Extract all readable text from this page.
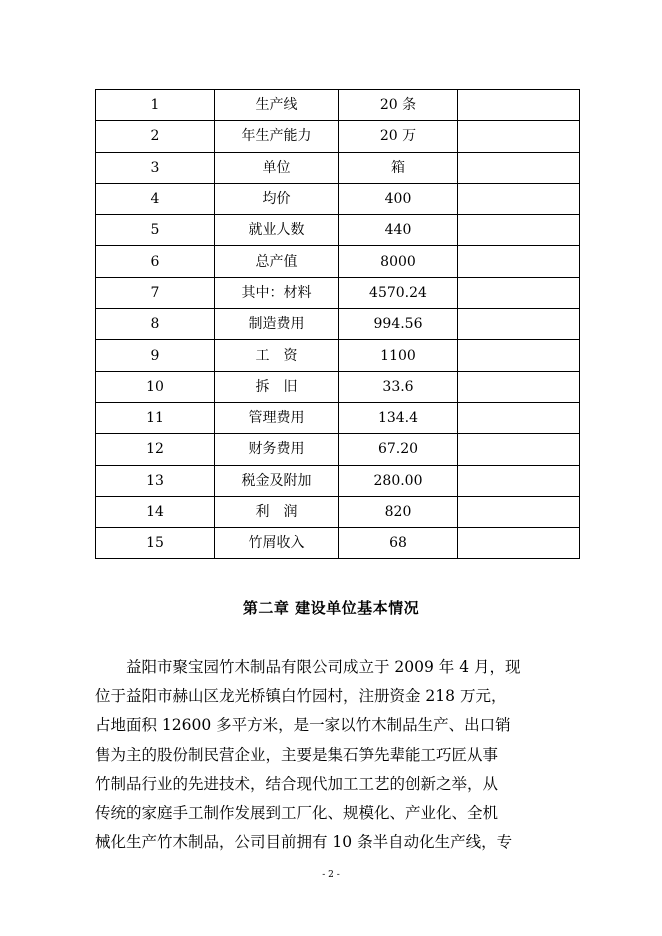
1	生产线	20 条	
2	年生产能力	20 万	
3	单位	箱	
4	均价	400	
5	就业人数	440	
6	总产值	8000	
7	其中：材料	4570.24	
8	制造费用	994.56	
9	工　资	1100	
10	拆　旧	33.6	
11	管理费用	134.4	
12	财务费用	67.20	
13	税金及附加	280.00	
14	利　润	820	
15	竹屑收入	68	
第二章 建设单位基本情况
益阳市聚宝园竹木制品有限公司成立于 2009 年 4 月，现
位于益阳市赫山区龙光桥镇白竹园村，注册资金 218 万元，
占地面积 12600 多平方米，是一家以竹木制品生产、出口销
售为主的股份制民营企业，主要是集石笋先辈能工巧匠从事
竹制品行业的先进技术，结合现代加工工艺的创新之举，从
传统的家庭手工制作发展到工厂化、规模化、产业化、全机
械化生产竹木制品，公司目前拥有 10 条半自动化生产线，专
- 2 -
